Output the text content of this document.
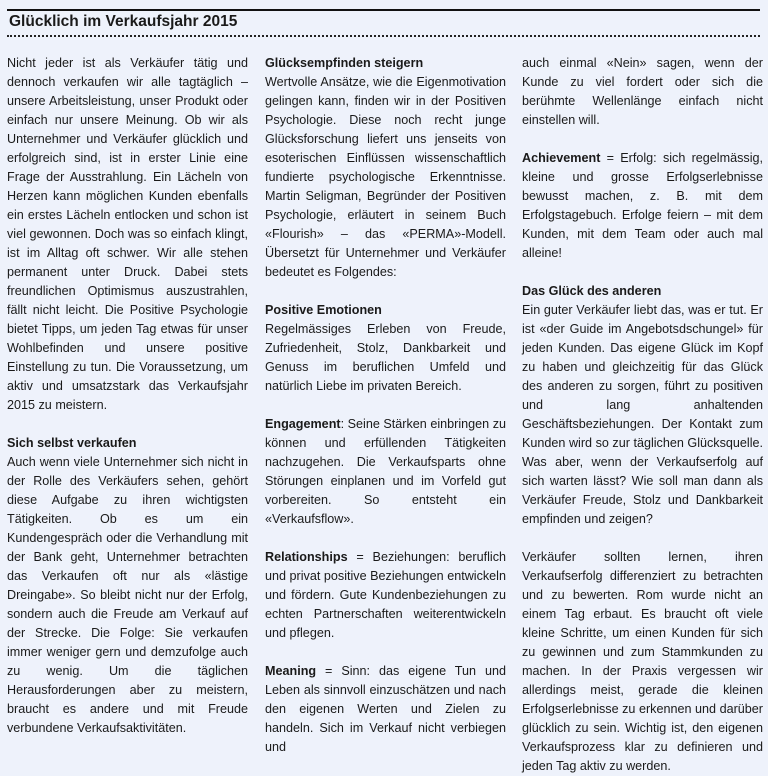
Glücklich im Verkaufsjahr 2015

Nicht jeder ist als Verkäufer tätig und dennoch verkaufen wir alle tagtäglich – unsere Arbeitsleistung, unser Produkt oder einfach nur unsere Meinung. Ob wir als Unternehmer und Verkäufer glücklich und erfolgreich sind, ist in erster Linie eine Frage der Ausstrahlung. Ein Lächeln von Herzen kann möglichen Kunden ebenfalls ein erstes Lächeln entlocken und schon ist viel gewonnen. Doch was so einfach klingt, ist im Alltag oft schwer. Wir alle stehen permanent unter Druck. Dabei stets freundlichen Optimismus auszustrahlen, fällt nicht leicht. Die Positive Psychologie bietet Tipps, um jeden Tag etwas für unser Wohlbefinden und unsere positive Einstellung zu tun. Die Voraussetzung, um aktiv und umsatzstark das Verkaufsjahr 2015 zu meistern.

Sich selbst verkaufen
Auch wenn viele Unternehmer sich nicht in der Rolle des Verkäufers sehen, gehört diese Aufgabe zu ihren wichtigsten Tätigkeiten. Ob es um ein Kundengespräch oder die Verhandlung mit der Bank geht, Unternehmer betrachten das Verkaufen oft nur als «lästige Dreingabe». So bleibt nicht nur der Erfolg, sondern auch die Freude am Verkauf auf der Strecke. Die Folge: Sie verkaufen immer weniger gern und demzufolge auch zu wenig. Um die täglichen Herausforderungen aber zu meistern, braucht es andere und mit Freude verbundene Verkaufsaktivitäten.

Glücksempfinden steigern
Wertvolle Ansätze, wie die Eigenmotivation gelingen kann, finden wir in der Positiven Psychologie. Diese noch recht junge Glücksforschung liefert uns jenseits von esoterischen Einflüssen wissenschaftlich fundierte psychologische Erkenntnisse. Martin Seligman, Begründer der Positiven Psychologie, erläutert in seinem Buch «Flourish» – das «PERMA»-Modell. Übersetzt für Unternehmer und Verkäufer bedeutet es Folgendes:

Positive Emotionen
Regelmässiges Erleben von Freude, Zufriedenheit, Stolz, Dankbarkeit und Genuss im beruflichen Umfeld und natürlich Liebe im privaten Bereich.

Engagement: Seine Stärken einbringen zu können und erfüllenden Tätigkeiten nachzugehen. Die Verkaufsparts ohne Störungen einplanen und im Vorfeld gut vorbereiten. So entsteht ein «Verkaufsflow».

Relationships = Beziehungen: beruflich und privat positive Beziehungen entwickeln und fördern. Gute Kundenbeziehungen zu echten Partnerschaften weiterentwickeln und pflegen.

Meaning = Sinn: das eigene Tun und Leben als sinnvoll einzuschätzen und nach den eigenen Werten und Zielen zu handeln. Sich im Verkauf nicht verbiegen und

auch einmal «Nein» sagen, wenn der Kunde zu viel fordert oder sich die berühmte Wellenlänge einfach nicht einstellen will.

Achievement = Erfolg: sich regelmässig, kleine und grosse Erfolgserlebnisse bewusst machen, z. B. mit dem Erfolgstagebuch. Erfolge feiern – mit dem Kunden, mit dem Team oder auch mal alleine!

Das Glück des anderen
Ein guter Verkäufer liebt das, was er tut. Er ist «der Guide im Angebotsdschungel» für jeden Kunden. Das eigene Glück im Kopf zu haben und gleichzeitig für das Glück des anderen zu sorgen, führt zu positiven und lang anhaltenden Geschäftsbeziehungen. Der Kontakt zum Kunden wird so zur täglichen Glücksquelle. Was aber, wenn der Verkaufserfolg auf sich warten lässt? Wie soll man dann als Verkäufer Freude, Stolz und Dankbarkeit empfinden und zeigen?

Verkäufer sollten lernen, ihren Verkaufserfolg differenziert zu betrachten und zu bewerten. Rom wurde nicht an einem Tag erbaut. Es braucht oft viele kleine Schritte, um einen Kunden für sich zu gewinnen und zum Stammkunden zu machen. In der Praxis vergessen wir allerdings meist, gerade die kleinen Erfolgserlebnisse zu erkennen und darüber glücklich zu sein. Wichtig ist, den eigenen Verkaufsprozess klar zu definieren und jeden Tag aktiv zu werden.
